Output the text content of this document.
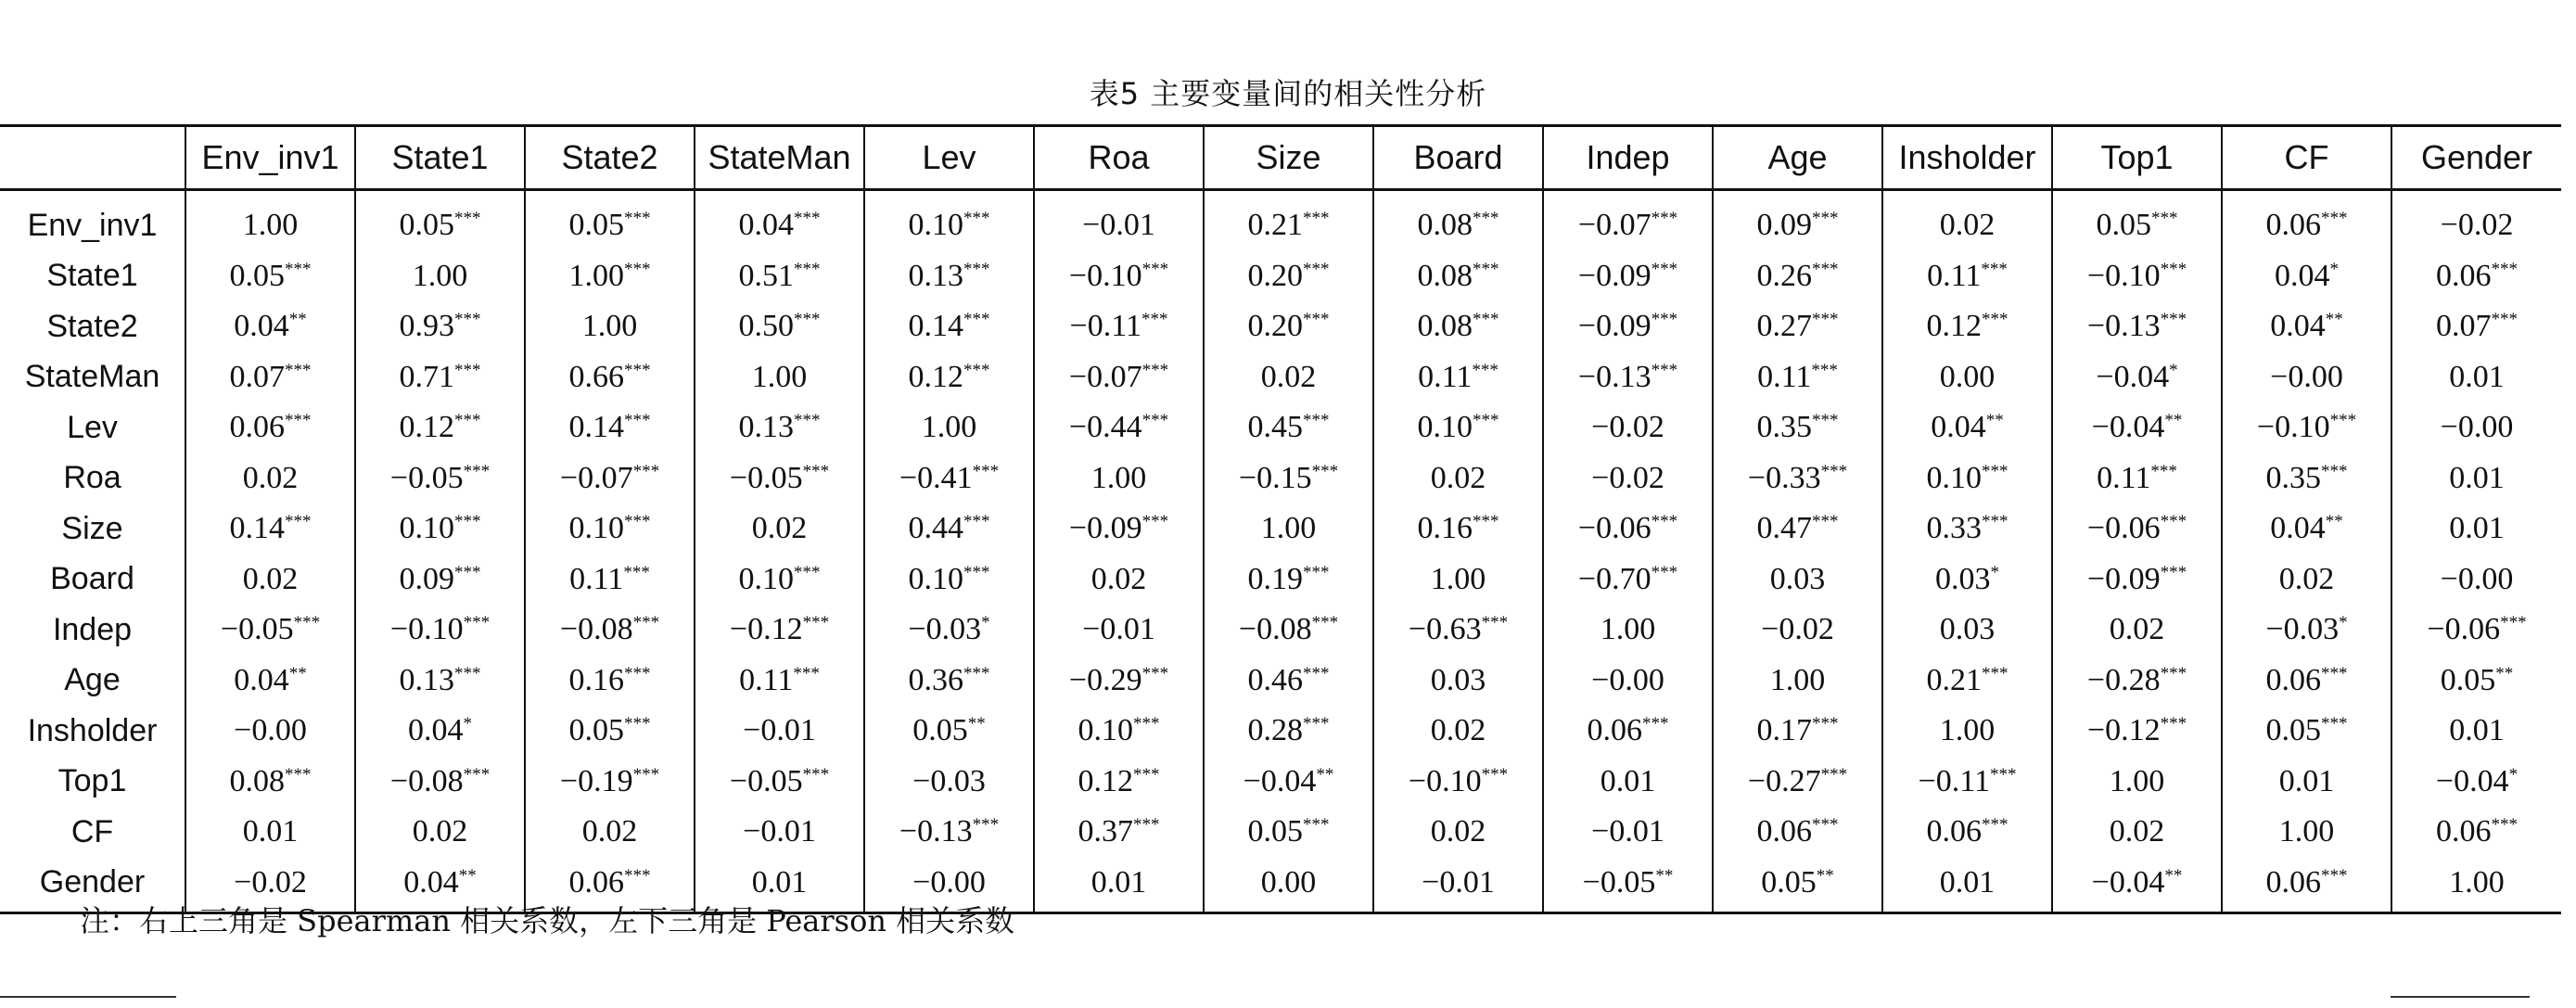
表5 主要变量间的相关性分析
	Env_inv1	State1	State2	StateMan	Lev	Roa	Size	Board	Indep	Age	Insholder	Top1	CF	Gender
Env_inv1	1.00	0.05***	0.05***	0.04***	0.10***	−0.01	0.21***	0.08***	−0.07***	0.09***	0.02	0.05***	0.06***	−0.02
State1	0.05***	1.00	1.00***	0.51***	0.13***	−0.10***	0.20***	0.08***	−0.09***	0.26***	0.11***	−0.10***	0.04*	0.06***
State2	0.04**	0.93***	1.00	0.50***	0.14***	−0.11***	0.20***	0.08***	−0.09***	0.27***	0.12***	−0.13***	0.04**	0.07***
StateMan	0.07***	0.71***	0.66***	1.00	0.12***	−0.07***	0.02	0.11***	−0.13***	0.11***	0.00	−0.04*	−0.00	0.01
Lev	0.06***	0.12***	0.14***	0.13***	1.00	−0.44***	0.45***	0.10***	−0.02	0.35***	0.04**	−0.04**	−0.10***	−0.00
Roa	0.02	−0.05***	−0.07***	−0.05***	−0.41***	1.00	−0.15***	0.02	−0.02	−0.33***	0.10***	0.11***	0.35***	0.01
Size	0.14***	0.10***	0.10***	0.02	0.44***	−0.09***	1.00	0.16***	−0.06***	0.47***	0.33***	−0.06***	0.04**	0.01
Board	0.02	0.09***	0.11***	0.10***	0.10***	0.02	0.19***	1.00	−0.70***	0.03	0.03*	−0.09***	0.02	−0.00
Indep	−0.05***	−0.10***	−0.08***	−0.12***	−0.03*	−0.01	−0.08***	−0.63***	1.00	−0.02	0.03	0.02	−0.03*	−0.06***
Age	0.04**	0.13***	0.16***	0.11***	0.36***	−0.29***	0.46***	0.03	−0.00	1.00	0.21***	−0.28***	0.06***	0.05**
Insholder	−0.00	0.04*	0.05***	−0.01	0.05**	0.10***	0.28***	0.02	0.06***	0.17***	1.00	−0.12***	0.05***	0.01
Top1	0.08***	−0.08***	−0.19***	−0.05***	−0.03	0.12***	−0.04**	−0.10***	0.01	−0.27***	−0.11***	1.00	0.01	−0.04*
CF	0.01	0.02	0.02	−0.01	−0.13***	0.37***	0.05***	0.02	−0.01	0.06***	0.06***	0.02	1.00	0.06***
Gender	−0.02	0.04**	0.06***	0.01	−0.00	0.01	0.00	−0.01	−0.05**	0.05**	0.01	−0.04**	0.06***	1.00
注：右上三角是 Spearman 相关系数，左下三角是 Pearson 相关系数
